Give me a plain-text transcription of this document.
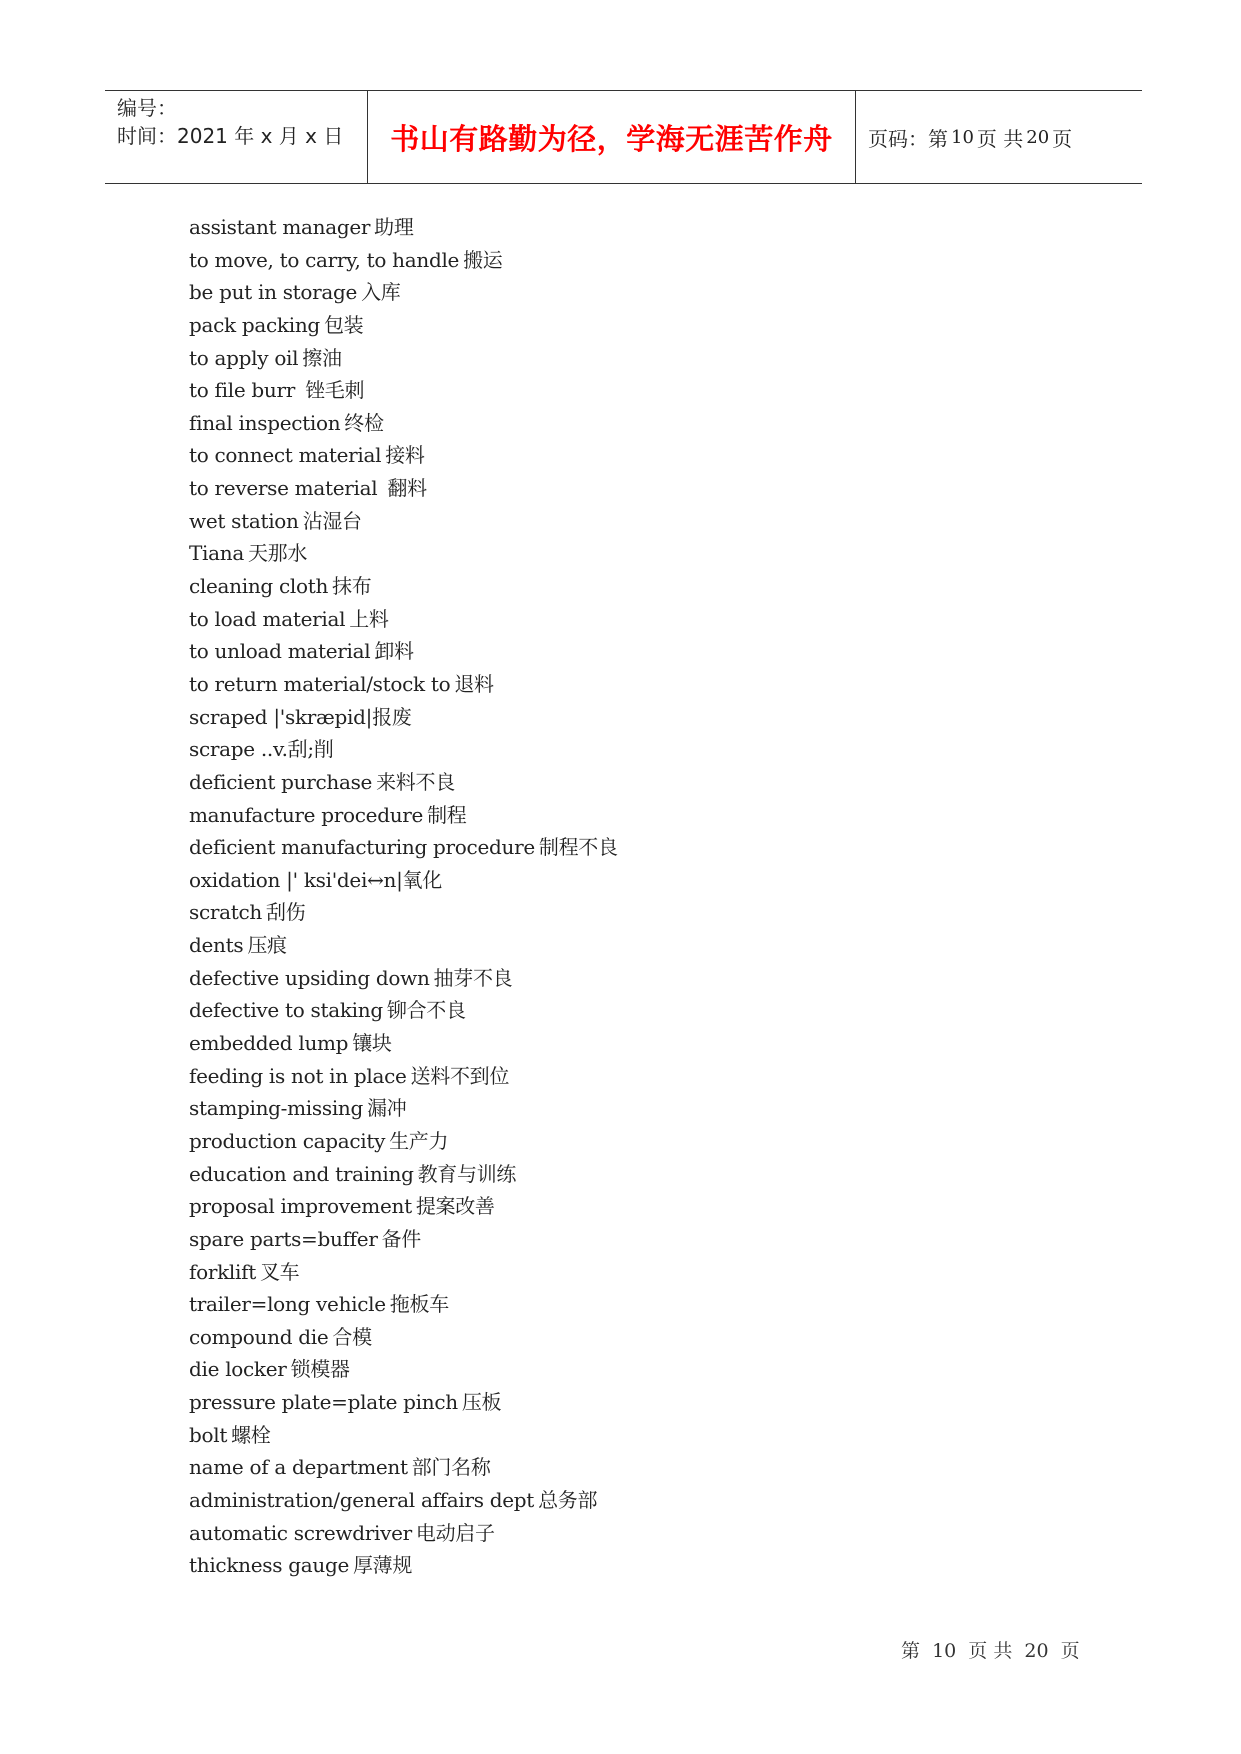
编号：
时间：2021 年 x 月 x 日	书山有路勤为径，学海无涯苦作舟 页码：第 10 页 共 20 页
assistant manager 助理
to move, to carry, to handle 搬运
be put in storage 入库
pack packing 包装
to apply oil 擦油
to file burr 锉毛刺
final inspection 终检
to connect material 接料
to reverse material 翻料
wet station 沾湿台
Tiana 天那水
cleaning cloth 抹布
to load material 上料
to unload material 卸料
to return material/stock to 退料
scraped |'skræpid|报废
scrape ..v.刮;削
deficient purchase 来料不良
manufacture procedure 制程
deficient manufacturing procedure 制程不良
oxidation |' ksi'dei↔n|氧化
scratch 刮伤
dents 压痕
defective upsiding down 抽芽不良
defective to staking 铆合不良
embedded lump 镶块
feeding is not in place 送料不到位
stamping-missing 漏冲
production capacity 生产力
education and training 教育与训练
proposal improvement 提案改善
spare parts=buffer 备件
forklift 叉车
trailer=long vehicle 拖板车
compound die 合模
die locker 锁模器
pressure plate=plate pinch 压板
bolt 螺栓
name of a department 部门名称
administration/general affairs dept 总务部
automatic screwdriver 电动启子
thickness gauge 厚薄规
第 10 页 共 20 页
